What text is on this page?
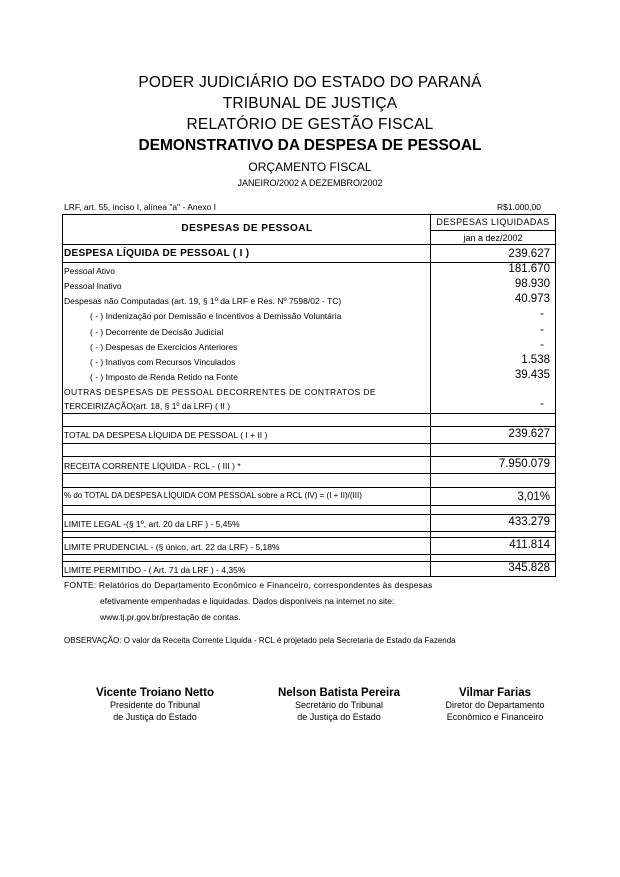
PODER JUDICIÁRIO DO ESTADO DO PARANÁ
TRIBUNAL DE JUSTIÇA
RELATÓRIO DE GESTÃO FISCAL
DEMONSTRATIVO DA DESPESA DE PESSOAL
ORÇAMENTO FISCAL
JANEIRO/2002 A DEZEMBRO/2002
LRF, art. 55, inciso I, alínea "a" - Anexo I	R$1.000,00
DESPESAS DE PESSOAL
DESPESAS LIQUIDADAS
jan a dez/2002
DESPESA LÍQUIDA DE PESSOAL ( I )	239.627
Pessoal Ativo	181.670
Pessoal Inativo	98.930
Despesas não Computadas (art. 19, § 1º da LRF e Res. Nº 7598/02 - TC)	40.973
( - ) Indenização por Demissão e Incentivos à Demissão Voluntária	-
( - ) Decorrente de Decisão Judicial	-
( - ) Despesas de Exercícios Anteriores	-
( - ) Inativos com Recursos Vinculados	1.538
( - ) Imposto de Renda Retido na Fonte	39.435
OUTRAS DESPESAS DE PESSOAL DECORRENTES DE CONTRATOS DE
TERCEIRIZAÇÃO(art. 18, § 1º da LRF) ( II )	-
TOTAL DA DESPESA LÍQUIDA DE PESSOAL ( I + II )	239.627
RECEITA CORRENTE LÍQUIDA - RCL - ( III ) *	7.950.079
% do TOTAL DA DESPESA LÍQUIDA COM PESSOAL sobre a RCL (IV) = (I + II)/(III)	3,01%
LIMITE LEGAL -(§ 1º, art. 20 da LRF ) - 5,45%	433.279
LIMITE PRUDENCIAL - (§ único, art. 22 da LRF) - 5,18%	411.814
LIMITE PERMITIDO - ( Art. 71 da LRF ) - 4,35%	345.828
FONTE: Relatórios do Departamento Econômico e Financeiro, correspondentes às despesas
efetivamente empenhadas e liquidadas. Dados disponíveis na internet no site:
www.tj.pr.gov.br/prestação de contas.
OBSERVAÇÃO: O valor da Receita Corrente Líquida - RCL é projetado pela Secretaria de Estado da Fazenda
Vicente Troiano Netto
Presidente do Tribunal
de Justiça do Estado
Nelson Batista Pereira
Secretário do Tribunal
de Justiça do Estado
Vilmar Farias
Diretor do Departamento
Econômico e Financeiro
